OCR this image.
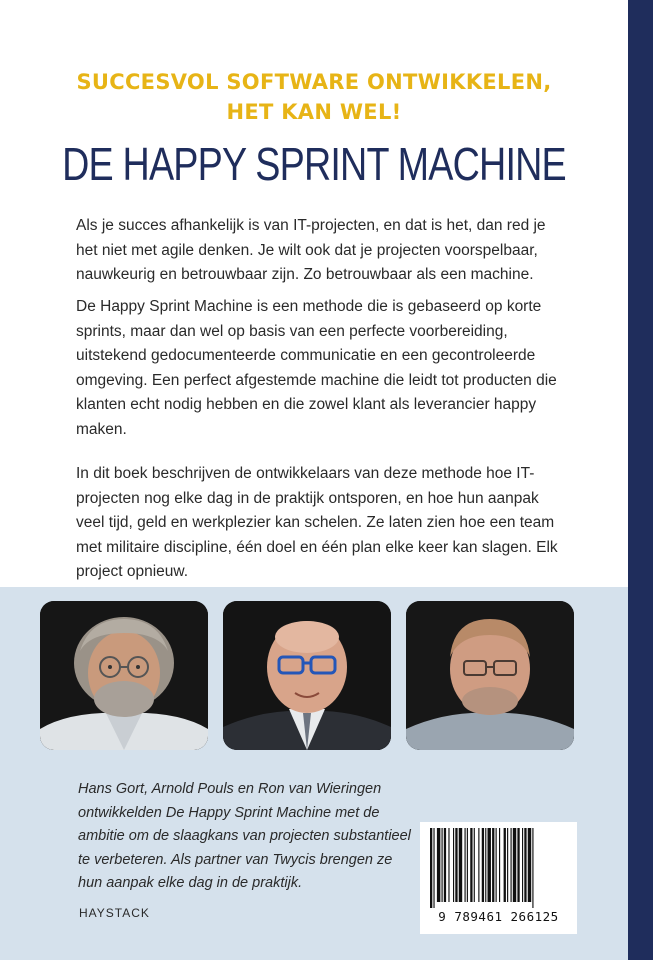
SUCCESVOL SOFTWARE ONTWIKKELEN,
HET KAN WEL!
DE HAPPY SPRINT MACHINE
Als je succes afhankelijk is van IT-projecten, en dat is het, dan red je het niet met agile denken. Je wilt ook dat je projecten voorspelbaar, nauwkeurig en betrouwbaar zijn. Zo betrouwbaar als een machine.
De Happy Sprint Machine is een methode die is gebaseerd op korte sprints, maar dan wel op basis van een perfecte voorbereiding, uitstekend gedocumenteerde communicatie en een gecontroleerde omgeving. Een perfect afgestemde machine die leidt tot producten die klanten echt nodig hebben en die zowel klant als leverancier happy maken.
In dit boek beschrijven de ontwikkelaars van deze methode hoe IT-projecten nog elke dag in de praktijk ontsporen, en hoe hun aanpak veel tijd, geld en werkplezier kan schelen. Ze laten zien hoe een team met militaire discipline, één doel en één plan elke keer kan slagen. Elk project opnieuw.
Hans Gort, Arnold Pouls en Ron van Wieringen ontwikkelden De Happy Sprint Machine met de ambitie om de slaagkans van projecten substantieel te verbeteren. Als partner van Twycis brengen ze hun aanpak elke dag in de praktijk.
HAYSTACK	9 789461 266125
